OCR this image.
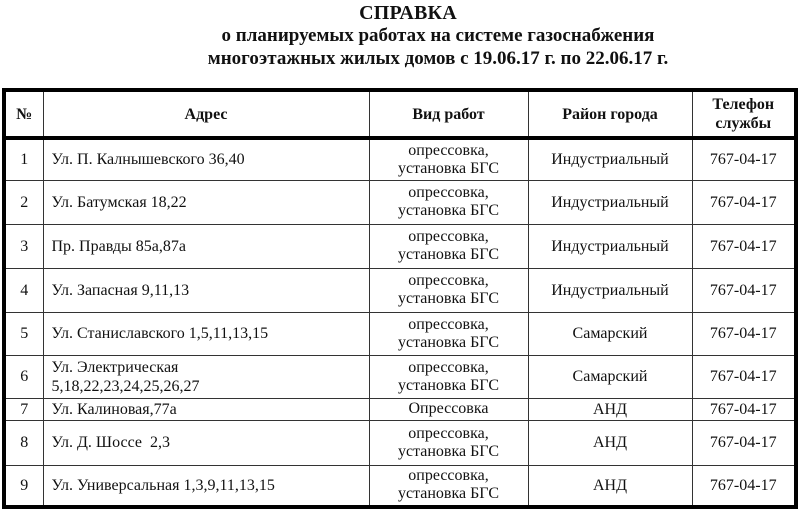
СПРАВКА
о планируемых работах на системе газоснабжения
многоэтажных жилых домов с 19.06.17 г. по 22.06.17 г.
№	Адрес	Вид работ	Район города	Телефон службы
1	Ул. П. Калнышевского 36,40	опрессовка, установка БГС	Индустриальный	767-04-17
2	Ул. Батумская 18,22	опрессовка, установка БГС	Индустриальный	767-04-17
3	Пр. Правды 85а,87а	опрессовка, установка БГС	Индустриальный	767-04-17
4	Ул. Запасная 9,11,13	опрессовка, установка БГС	Индустриальный	767-04-17
5	Ул. Станиславского 1,5,11,13,15	опрессовка, установка БГС	Самарский	767-04-17
6	Ул. Электрическая 5,18,22,23,24,25,26,27	опрессовка, установка БГС	Самарский	767-04-17
7	Ул. Калиновая,77а	Опрессовка	АНД	767-04-17
8	Ул. Д. Шоссе  2,3	опрессовка, установка БГС	АНД	767-04-17
9	Ул. Универсальная 1,3,9,11,13,15	опрессовка, установка БГС	АНД	767-04-17
